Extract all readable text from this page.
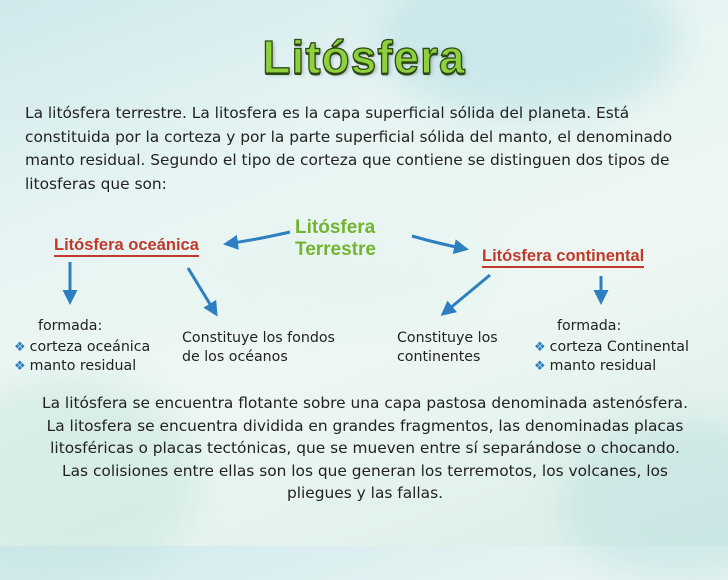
Litósfera
La litósfera terrestre. La litosfera es la capa superficial sólida del planeta. Está constituida por la corteza y por la parte superficial sólida del manto, el denominado manto residual. Segundo el tipo de corteza que contiene se distinguen dos tipos de litosferas que son:
Litósfera oceánica
Litósfera
Terrestre	Litósfera continental
formada:
❖ corteza oceánica
❖ manto residual
Constituye los fondos
de los océanos
Constituye los
continentes
formada:
❖ corteza Continental
❖ manto residual
La litósfera se encuentra flotante sobre una capa pastosa denominada astenósfera. La litosfera se encuentra dividida en grandes fragmentos, las denominadas placas litosféricas o placas tectónicas, que se mueven entre sí separándose o chocando. Las colisiones entre ellas son los que generan los terremotos, los volcanes, los pliegues y las fallas.
